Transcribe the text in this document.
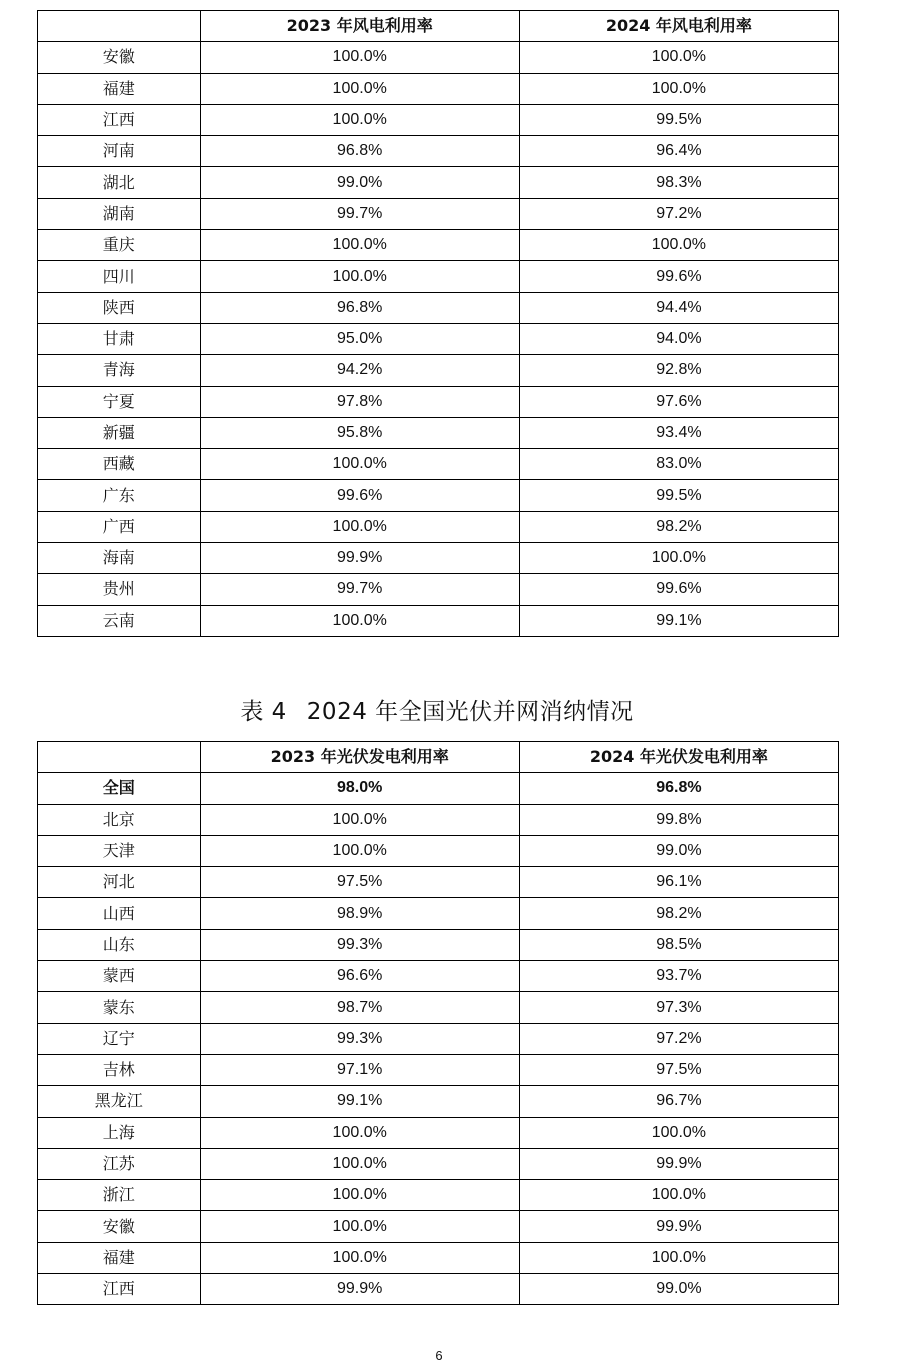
	2023 年风电利用率	2024 年风电利用率
安徽	100.0%	100.0%
福建	100.0%	100.0%
江西	100.0%	99.5%
河南	96.8%	96.4%
湖北	99.0%	98.3%
湖南	99.7%	97.2%
重庆	100.0%	100.0%
四川	100.0%	99.6%
陕西	96.8%	94.4%
甘肃	95.0%	94.0%
青海	94.2%	92.8%
宁夏	97.8%	97.6%
新疆	95.8%	93.4%
西藏	100.0%	83.0%
广东	99.6%	99.5%
广西	100.0%	98.2%
海南	99.9%	100.0%
贵州	99.7%	99.6%
云南	100.0%	99.1%
表 4 2024 年全国光伏并网消纳情况
	2023 年光伏发电利用率	2024 年光伏发电利用率
全国	98.0%	96.8%
北京	100.0%	99.8%
天津	100.0%	99.0%
河北	97.5%	96.1%
山西	98.9%	98.2%
山东	99.3%	98.5%
蒙西	96.6%	93.7%
蒙东	98.7%	97.3%
辽宁	99.3%	97.2%
吉林	97.1%	97.5%
黑龙江	99.1%	96.7%
上海	100.0%	100.0%
江苏	100.0%	99.9%
浙江	100.0%	100.0%
安徽	100.0%	99.9%
福建	100.0%	100.0%
江西	99.9%	99.0%
6
